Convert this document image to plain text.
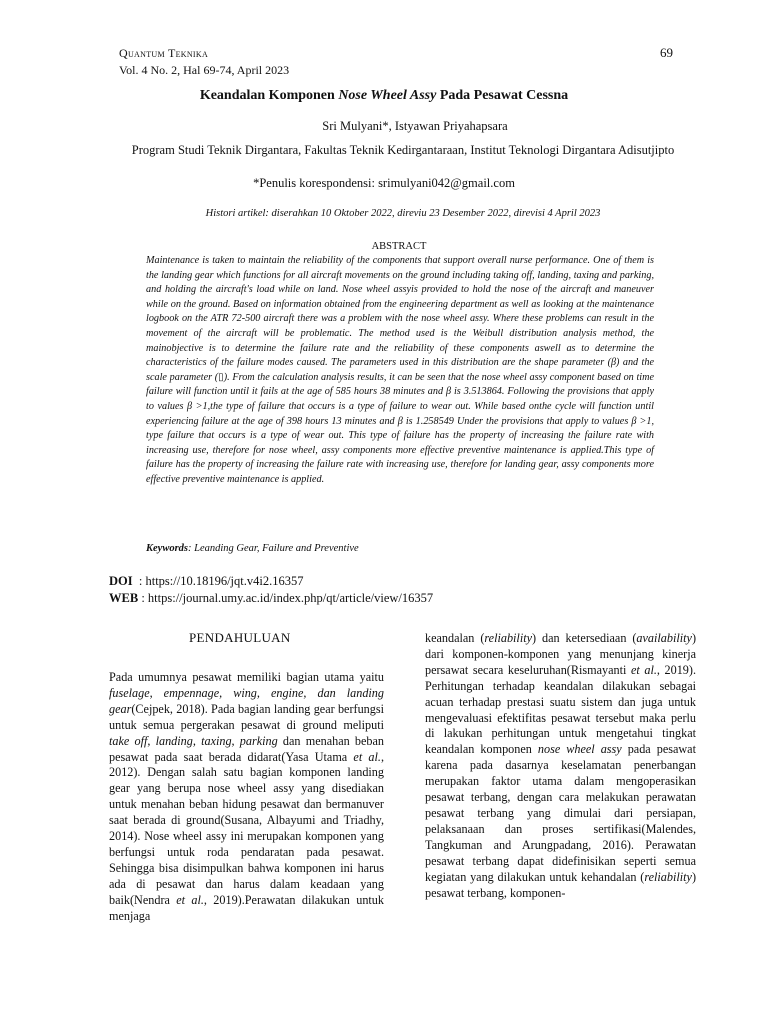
Quantum Teknika
Vol. 4 No. 2, Hal 69-74, April 2023
69
Keandalan Komponen Nose Wheel Assy Pada Pesawat Cessna
Sri Mulyani*, Istyawan Priyahapsara
Program Studi Teknik Dirgantara, Fakultas Teknik Kedirgantaraan, Institut Teknologi Dirgantara Adisutjipto
*Penulis korespondensi: srimulyani042@gmail.com
Histori artikel: diserahkan 10 Oktober 2022, direviu 23 Desember 2022, direvisi 4 April 2023
ABSTRACT
Maintenance is taken to maintain the reliability of the components that support overall nurse performance. One of them is the landing gear which functions for all aircraft movements on the ground including taking off, landing, taxing and parking, and holding the aircraft's load while on land. Nose wheel assyis provided to hold the nose of the aircraft and maneuver while on the ground. Based on information obtained from the engineering department as well as looking at the maintenance logbook on the ATR 72-500 aircraft there was a problem with the nose wheel assy. Where these problems can result in the movement of the aircraft will be problematic. The method used is the Weibull distribution analysis method, the mainobjective is to determine the failure rate and the reliability of these components aswell as to determine the characteristics of the failure modes caused. The parameters used in this distribution are the shape parameter (β) and the scale parameter (▯). From the calculation analysis results, it can be seen that the nose wheel assy component based on time failure will function until it fails at the age of 585 hours 38 minutes and β is 3.513864. Following the provisions that apply to values β >1,the type of failure that occurs is a type of failure to wear out. While based onthe cycle will function until experiencing failure at the age of 398 hours 13 minutes and β is 1.258549 Under the provisions that apply to values β >1, type failure that occurs is a type of wear out. This type of failure has the property of increasing the failure rate with increasing use, therefore for nose wheel, assy components more effective preventive maintenance is applied.This type of failure has the property of increasing the failure rate with increasing use, therefore for landing gear, assy components more effective preventive maintenance is applied.
Keywords: Leanding Gear, Failure and Preventive
DOI  : https://10.18196/jqt.v4i2.16357
WEB : https://journal.umy.ac.id/index.php/qt/article/view/16357
PENDAHULUAN
Pada umumnya pesawat memiliki bagian utama yaitu fuselage, empennage, wing, engine, dan landing gear(Cejpek, 2018). Pada bagian landing gear berfungsi untuk semua pergerakan pesawat di ground meliputi take off, landing, taxing, parking dan menahan beban pesawat pada saat berada didarat(Yasa Utama et al., 2012). Dengan salah satu bagian komponen landing gear yang berupa nose wheel assy yang disediakan untuk menahan beban hidung pesawat dan bermanuver saat berada di ground(Susana, Albayumi and Triadhy, 2014). Nose wheel assy ini merupakan komponen yang berfungsi untuk roda pendaratan pada pesawat. Sehingga bisa disimpulkan bahwa komponen ini harus ada di pesawat dan harus dalam keadaan yang baik(Nendra et al., 2019).Perawatan dilakukan untuk menjaga
keandalan (reliability) dan ketersediaan (availability) dari komponen-komponen yang menunjang kinerja persawat secara keseluruhan(Rismayanti et al., 2019). Perhitungan terhadap keandalan dilakukan sebagai acuan terhadap prestasi suatu sistem dan juga untuk mengevaluasi efektifitas pesawat tersebut maka perlu di lakukan perhitungan untuk mengetahui tingkat keandalan komponen nose wheel assy pada pesawat karena pada dasarnya keselamatan penerbangan merupakan faktor utama dalam mengoperasikan pesawat terbang, dengan cara melakukan perawatan pesawat terbang yang dimulai dari persiapan, pelaksanaan dan proses sertifikasi(Malendes, Tangkuman and Arungpadang, 2016). Perawatan pesawat terbang dapat didefinisikan seperti semua kegiatan yang dilakukan untuk kehandalan (reliability) pesawat terbang, komponen-
